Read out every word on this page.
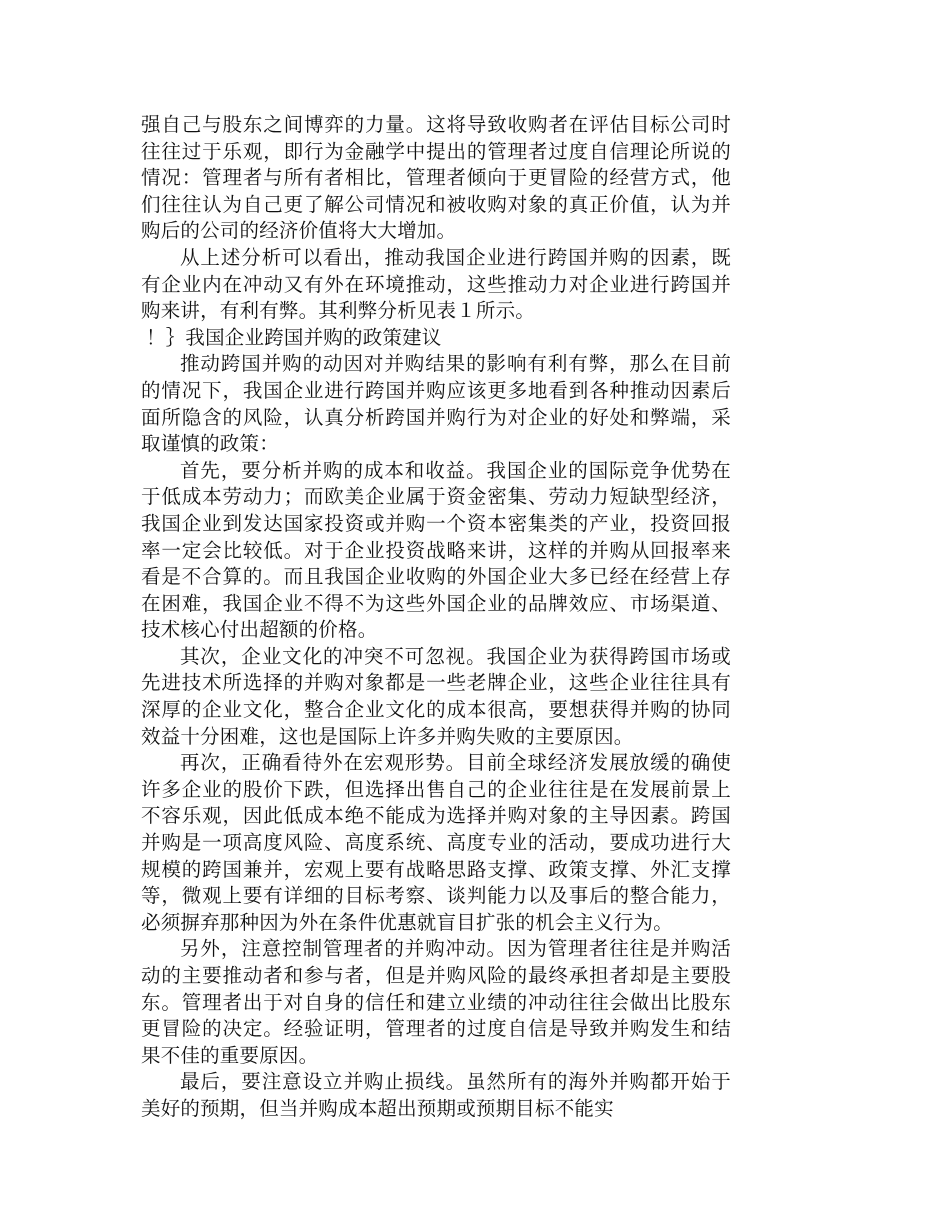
强自己与股东之间博弈的力量。这将导致收购者在评估目标公司时往往过于乐观，即行为金融学中提出的管理者过度自信理论所说的情况：管理者与所有者相比，管理者倾向于更冒险的经营方式，他们往往认为自己更了解公司情况和被收购对象的真正价值，认为并购后的公司的经济价值将大大增加。

从上述分析可以看出，推动我国企业进行跨国并购的因素，既有企业内在冲动又有外在环境推动，这些推动力对企业进行跨国并购来讲，有利有弊。其利弊分析见表１所示。

！｝我国企业跨国并购的政策建议

推动跨国并购的动因对并购结果的影响有利有弊，那么在目前的情况下，我国企业进行跨国并购应该更多地看到各种推动因素后面所隐含的风险，认真分析跨国并购行为对企业的好处和弊端，采取谨慎的政策：

首先，要分析并购的成本和收益。我国企业的国际竞争优势在于低成本劳动力；而欧美企业属于资金密集、劳动力短缺型经济，我国企业到发达国家投资或并购一个资本密集类的产业，投资回报率一定会比较低。对于企业投资战略来讲，这样的并购从回报率来看是不合算的。而且我国企业收购的外国企业大多已经在经营上存在困难，我国企业不得不为这些外国企业的品牌效应、市场渠道、技术核心付出超额的价格。

其次，企业文化的冲突不可忽视。我国企业为获得跨国市场或先进技术所选择的并购对象都是一些老牌企业，这些企业往往具有深厚的企业文化，整合企业文化的成本很高，要想获得并购的协同效益十分困难，这也是国际上许多并购失败的主要原因。

再次，正确看待外在宏观形势。目前全球经济发展放缓的确使许多企业的股价下跌，但选择出售自己的企业往往是在发展前景上不容乐观，因此低成本绝不能成为选择并购对象的主导因素。跨国并购是一项高度风险、高度系统、高度专业的活动，要成功进行大规模的跨国兼并，宏观上要有战略思路支撑、政策支撑、外汇支撑等，微观上要有详细的目标考察、谈判能力以及事后的整合能力，必须摒弃那种因为外在条件优惠就盲目扩张的机会主义行为。

另外，注意控制管理者的并购冲动。因为管理者往往是并购活动的主要推动者和参与者，但是并购风险的最终承担者却是主要股东。管理者出于对自身的信任和建立业绩的冲动往往会做出比股东更冒险的决定。经验证明，管理者的过度自信是导致并购发生和结果不佳的重要原因。

最后，要注意设立并购止损线。虽然所有的海外并购都开始于美好的预期，但当并购成本超出预期或预期目标不能实
